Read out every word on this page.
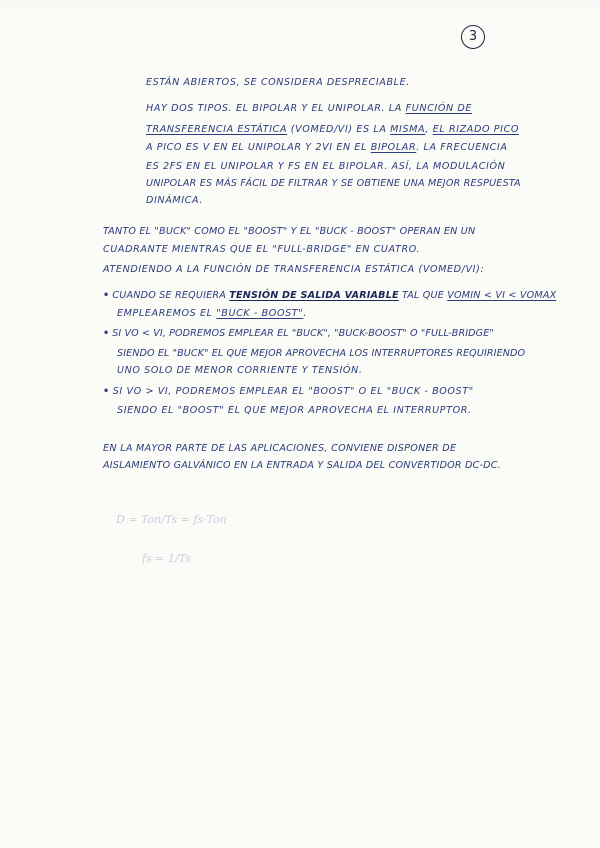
3
ESTÁN ABIERTOS, SE CONSIDERA DESPRECIABLE.
HAY DOS TIPOS. EL BIPOLAR Y EL UNIPOLAR. LA FUNCIÓN DE
TRANSFERENCIA ESTÁTICA (VOMED/VI) ES LA MISMA, EL RIZADO PICO
A PICO ES V EN EL UNIPOLAR Y 2VI EN EL BIPOLAR. LA FRECUENCIA
ES 2FS EN EL UNIPOLAR Y FS EN EL BIPOLAR. ASÍ, LA MODULACIÓN
UNIPOLAR ES MÁS FÁCIL DE FILTRAR Y SE OBTIENE UNA MEJOR RESPUESTA
DINÁMICA.
TANTO EL "BUCK" COMO EL "BOOST" Y EL "BUCK - BOOST" OPERAN EN UN
CUADRANTE MIENTRAS QUE EL "FULL-BRIDGE" EN CUATRO.
ATENDIENDO A LA FUNCIÓN DE TRANSFERENCIA ESTÁTICA (VOMED/VI):
• CUANDO SE REQUIERA TENSIÓN DE SALIDA VARIABLE TAL QUE VOMIN < VI < VOMAX
EMPLEAREMOS EL "BUCK - BOOST".
• SI VO < VI, PODREMOS EMPLEAR EL "BUCK", "BUCK-BOOST" O "FULL-BRIDGE"
SIENDO EL "BUCK" EL QUE MEJOR APROVECHA LOS INTERRUPTORES REQUIRIENDO
UNO SOLO DE MENOR CORRIENTE Y TENSIÓN.
• SI VO > VI, PODREMOS EMPLEAR EL "BOOST" O EL "BUCK - BOOST"
SIENDO EL "BOOST" EL QUE MEJOR APROVECHA EL INTERRUPTOR.
EN LA MAYOR PARTE DE LAS APLICACIONES, CONVIENE DISPONER DE
AISLAMIENTO GALVÁNICO EN LA ENTRADA Y SALIDA DEL CONVERTIDOR DC-DC.
D = Ton/Ts = fs·Ton
fs = 1/Ts
